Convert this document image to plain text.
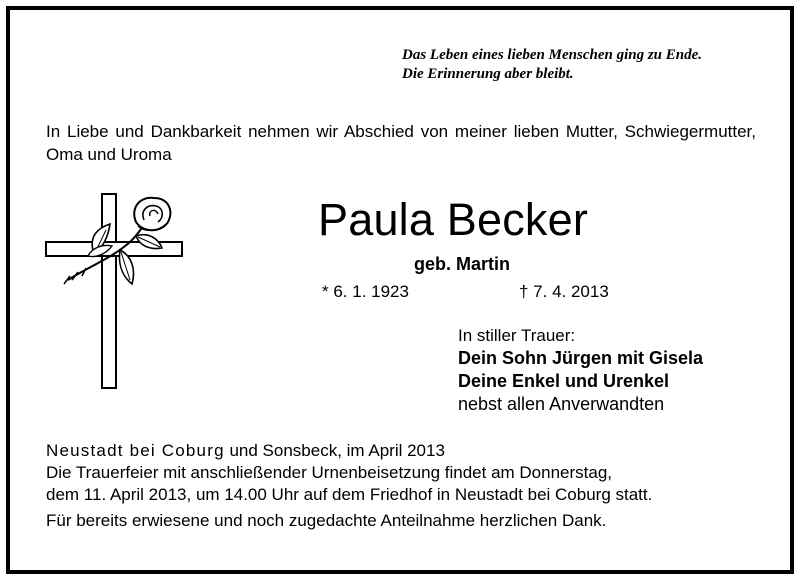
Das Leben eines lieben Menschen ging zu Ende.
Die Erinnerung aber bleibt.
In Liebe und Dankbarkeit nehmen wir Abschied von meiner lieben Mutter, Schwiegermutter, Oma und Uroma
Paula Becker
geb. Martin
* 6. 1. 1923	† 7. 4. 2013
In stiller Trauer:
Dein Sohn Jürgen mit Gisela
Deine Enkel und Urenkel
nebst allen Anverwandten
Neustadt bei Coburg und Sonsbeck, im April 2013
Die Trauerfeier mit anschließender Urnenbeisetzung findet am Donnerstag,
dem 11. April 2013, um 14.00 Uhr auf dem Friedhof in Neustadt bei Coburg statt.
Für bereits erwiesene und noch zugedachte Anteilnahme herzlichen Dank.
